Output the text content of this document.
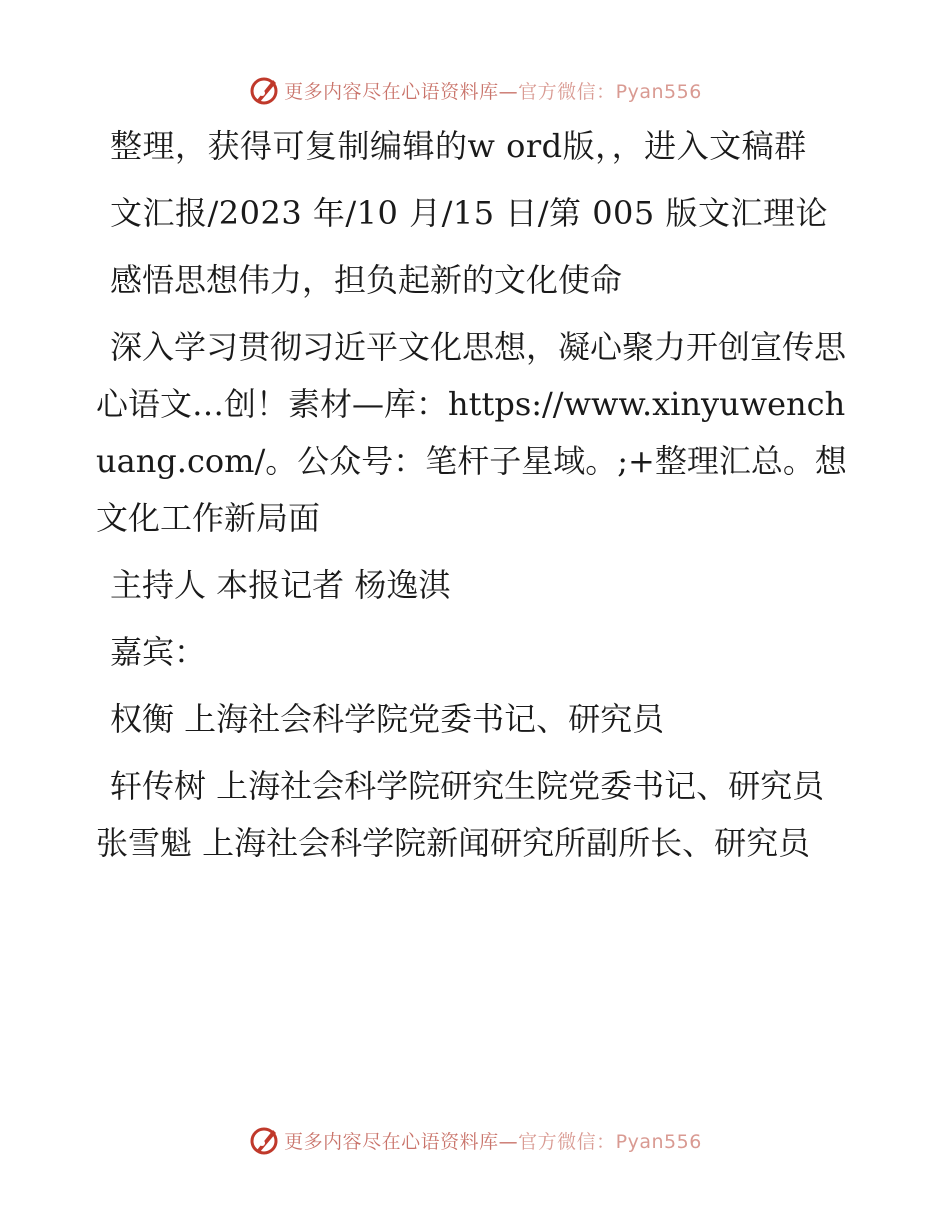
更多内容尽在心语资料库—官方微信：Pyan556

整理，获得可复制编辑的w ord版，，进入文稿群

文汇报/2023 年/10 月/15 日/第 005 版文汇理论

感悟思想伟力，担负起新的文化使命

深入学习贯彻习近平文化思想，凝心聚力开创宣传思心语文…创！素材—库：https://www.xinyuwenchuang.com/。公众号：笔杆子星域。;+整理汇总。想文化工作新局面

主持人 本报记者 杨逸淇

嘉宾：

权衡 上海社会科学院党委书记、研究员

轩传树 上海社会科学院研究生院党委书记、研究员张雪魁 上海社会科学院新闻研究所副所长、研究员

更多内容尽在心语资料库—官方微信：Pyan556
